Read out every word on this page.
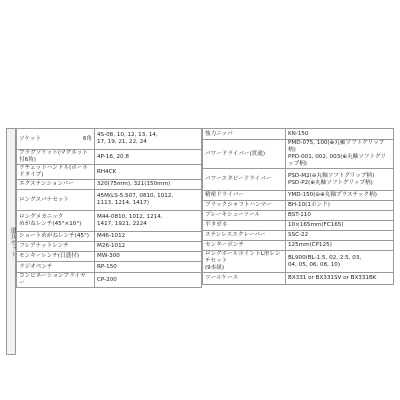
道具セット
ソケット 6角	4S-08, 10, 12, 13, 14,
17, 19, 21, 22, 24

プラグソケット(マグネット付6角)	4P-16, 20.8

ラチェットハンドル(ホールドタイプ)	RH4CK

エクステンションバー	320(75mm), 321(150mm)

ロングスパナセット	45M(LS-5.507, 0810, 1012,
1113, 1214, 1417)

ロングメカニック
めがねレンチ(45°×10°)	M44-0810, 1012, 1214,
1417, 1921, 2224

ショートめがねレンチ(45°)	M46-1012

フレアナットレンチ	M26-1012

モンキーレンチ(日盛付)	MW-300

ラジオペンチ	RP-150

コンビネーションプライヤー	CP-200
強力ニッパ	KN-150
パワードライバー(貫通)	PMD-075, 100(⊕丸軸ソフトグリップ柄)
PPD-001, 002, 003(⊕丸軸ソフトグリップ柄)
パワースタビードライバー	PSD-M2(⊖丸軸ソフトグリップ柄)
PSD-P2(⊕丸軸ソフトグリップ柄)
精密ドライバー	YMD-150(⊖⊕丸軸プラスチック柄)
ブラックシャフトハンマー	BH-10(1ポンド)
ブレーキシューツール	BST-110
平タガネ	10×165mm(FC165)
ステンレススクレーパー	SSC-22
センターポンチ	125mm(CP125)
ロングボールポイントL形レンチセット
(9本組)	BL900(BL-1.5, 02, 2.5, 03,
04, 05, 06, 08, 10)
ツールケース	BX331 or BX331SV or BX331BK
